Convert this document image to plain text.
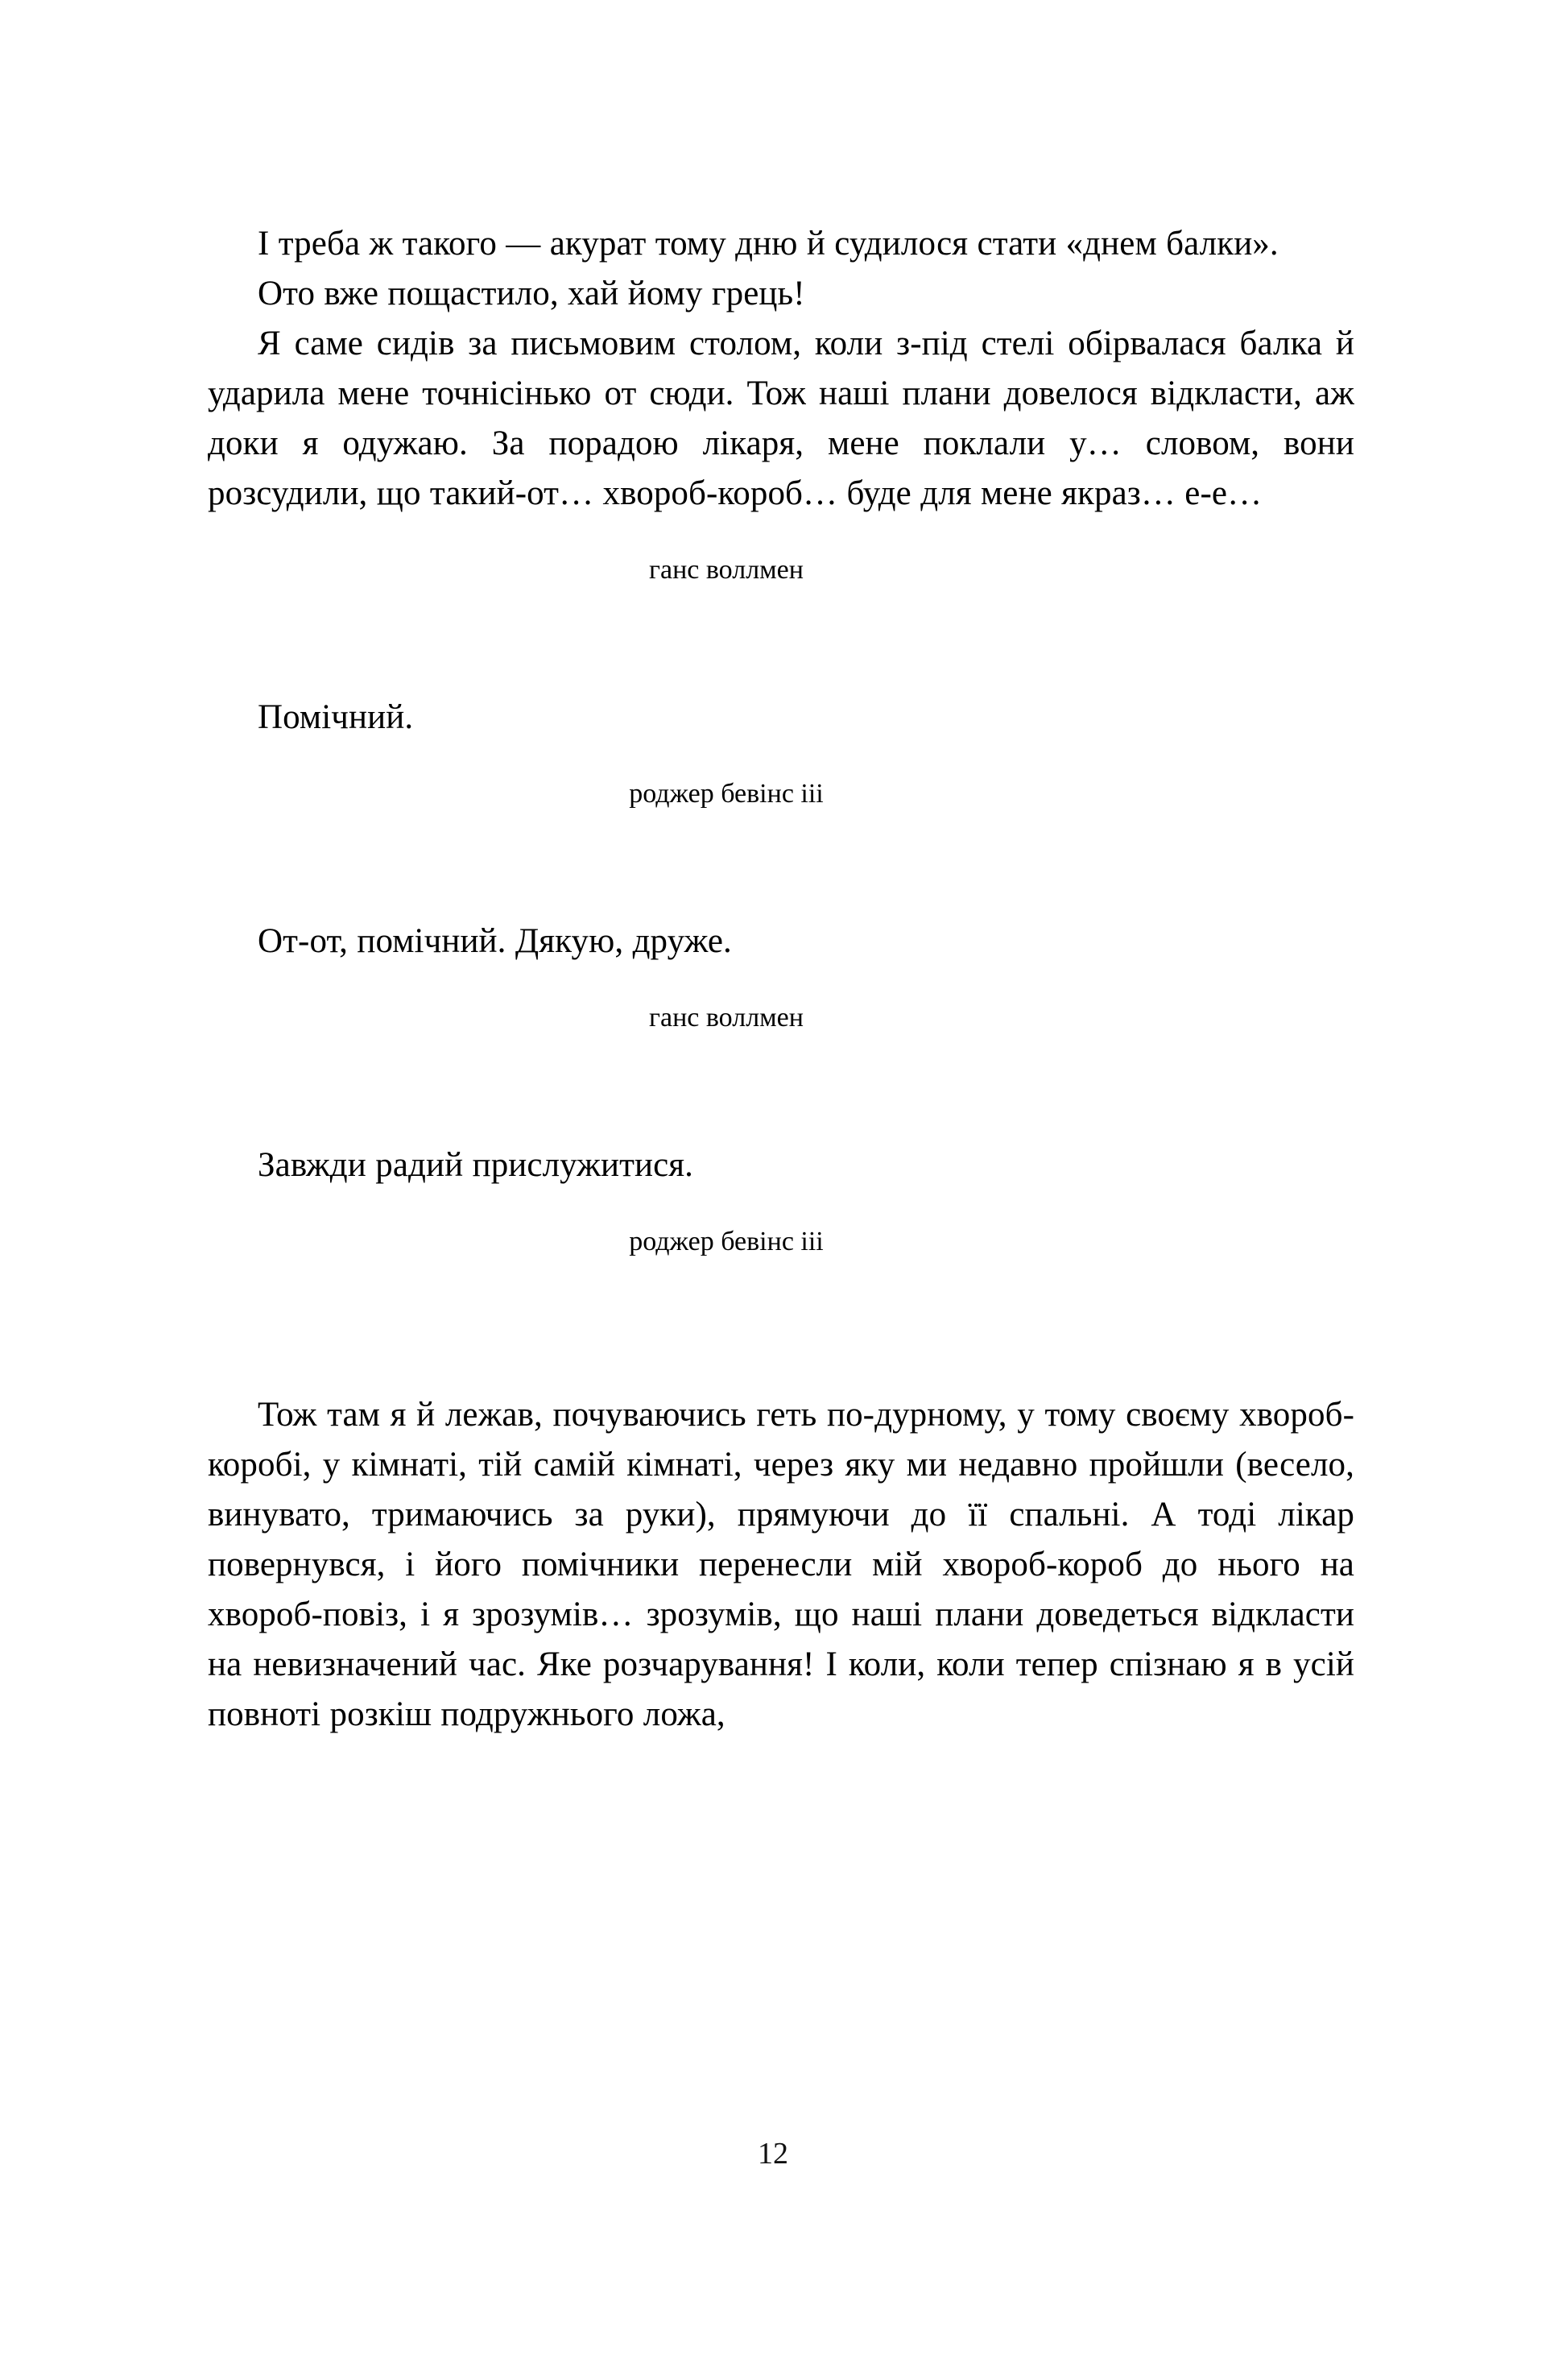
І треба ж такого — акурат тому дню й судилося стати «днем балки».

Ото вже пощастило, хай йому грець!

Я саме сидів за письмовим столом, коли з-під стелі обірвалася балка й ударила мене точнісінько от сюди. Тож наші плани довелося відкласти, аж доки я одужаю. За порадою лікаря, мене поклали у… словом, вони розсудили, що такий-от… хвороб-короб… буде для мене якраз… е-е…

ганс воллмен

Помічний.

роджер бевінс ііі

От-от, помічний. Дякую, друже.

ганс воллмен

Завжди радий прислужитися.

роджер бевінс ііі

Тож там я й лежав, почуваючись геть по-дурному, у тому своєму хвороб-коробі, у кімнаті, тій самій кімнаті, через яку ми недавно пройшли (весело, винувато, тримаючись за руки), прямуючи до її спальні. А тоді лікар повернувся, і його помічники перенесли мій хвороб-короб до нього на хвороб-повіз, і я зрозумів… зрозумів, що наші плани доведеться відкласти на невизначений час. Яке розчарування! І коли, коли тепер спізнаю я в усій повноті розкіш подружнього ложа,

12
